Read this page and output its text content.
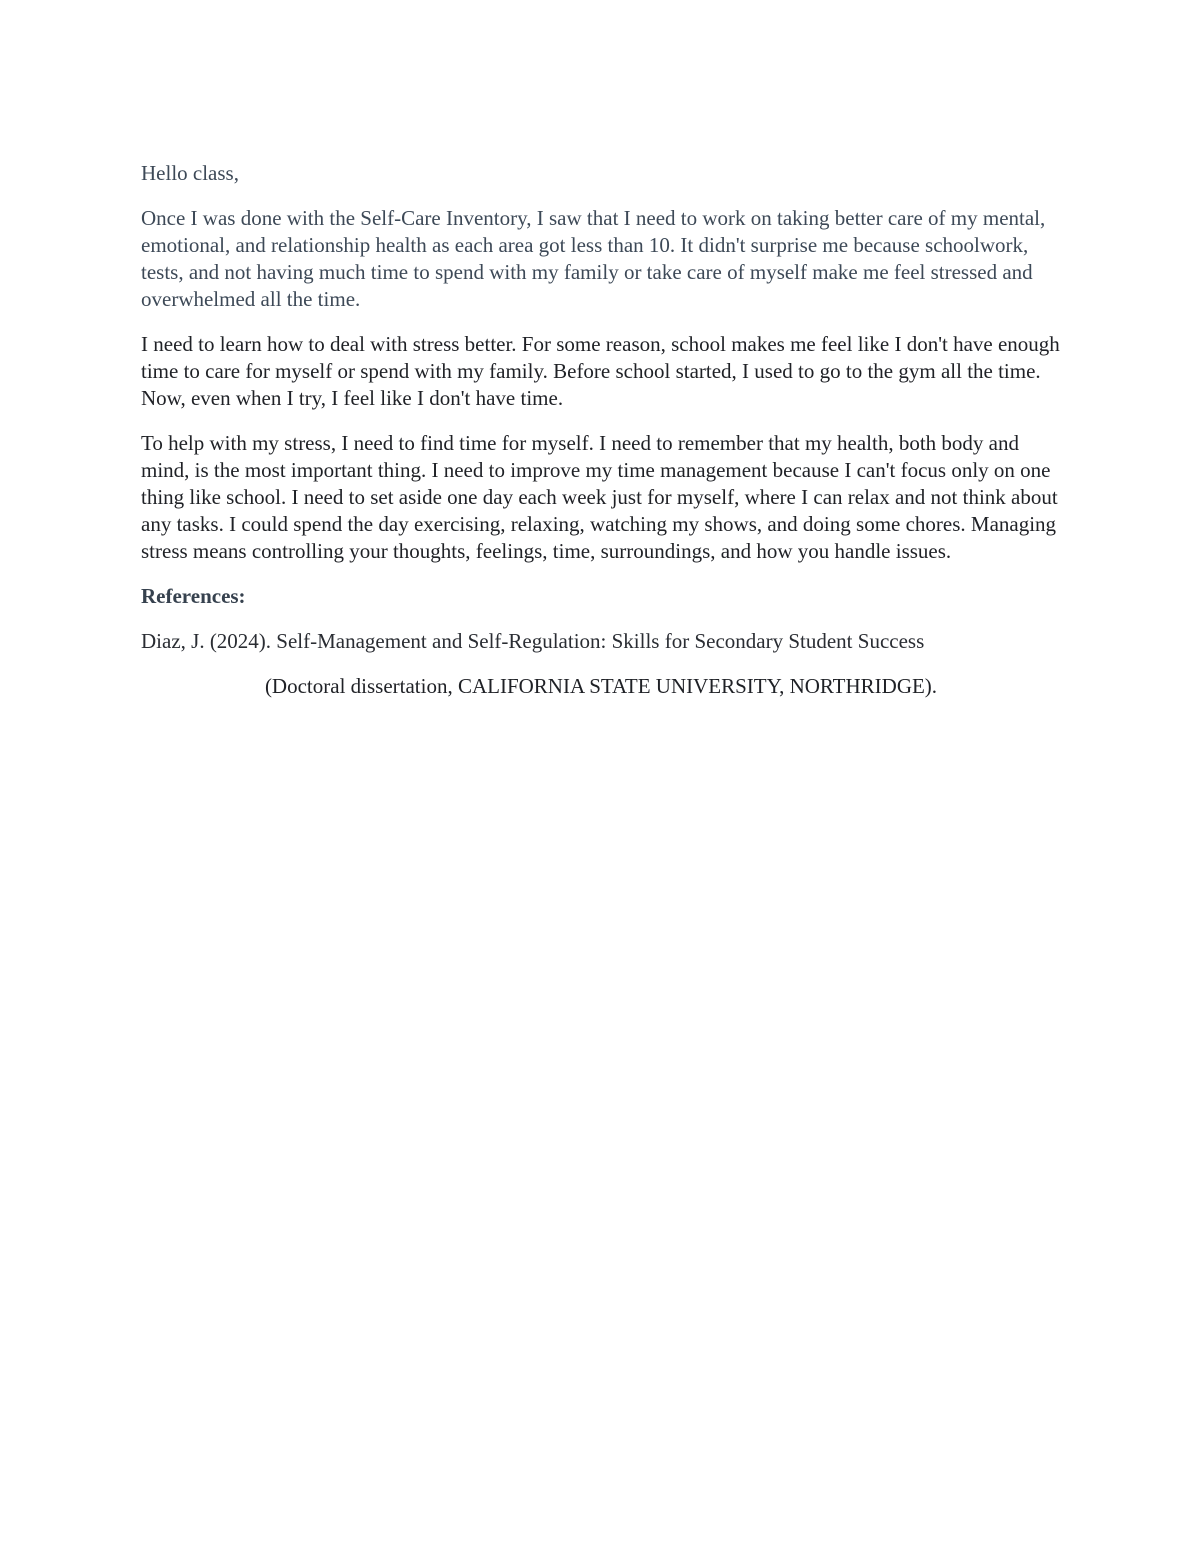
Hello class,

Once I was done with the Self-Care Inventory, I saw that I need to work on taking better care of my mental, emotional, and relationship health as each area got less than 10. It didn't surprise me because schoolwork, tests, and not having much time to spend with my family or take care of myself make me feel stressed and overwhelmed all the time.

I need to learn how to deal with stress better. For some reason, school makes me feel like I don't have enough time to care for myself or spend with my family. Before school started, I used to go to the gym all the time. Now, even when I try, I feel like I don't have time.

To help with my stress, I need to find time for myself. I need to remember that my health, both body and mind, is the most important thing. I need to improve my time management because I can't focus only on one thing like school. I need to set aside one day each week just for myself, where I can relax and not think about any tasks. I could spend the day exercising, relaxing, watching my shows, and doing some chores. Managing stress means controlling your thoughts, feelings, time, surroundings, and how you handle issues.

References:

Diaz, J. (2024). Self-Management and Self-Regulation: Skills for Secondary Student Success

(Doctoral dissertation, CALIFORNIA STATE UNIVERSITY, NORTHRIDGE).
